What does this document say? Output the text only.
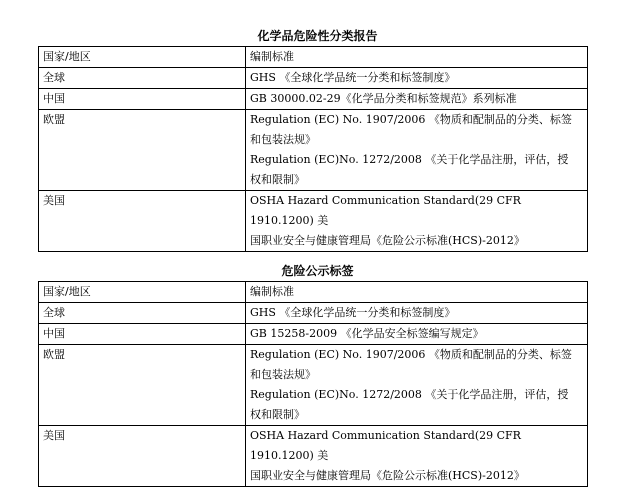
化学品危险性分类报告
国家/地区	编制标准
全球	GHS 《全球化学品统一分类和标签制度》

中国	GB 30000.02-29《化学品分类和标签规范》系列标准

欧盟	Regulation (EC) No. 1907/2006 《物质和配制品的分类、标签
和包装法规》
Regulation (EC)No. 1272/2008 《关于化学品注册，评估，授
权和限制》

美国	OSHA Hazard Communication Standard(29 CFR 1910.1200) 美
国职业安全与健康管理局《危险公示标准(HCS)-2012》
危险公示标签
国家/地区	编制标准
全球	GHS 《全球化学品统一分类和标签制度》

中国	GB 15258-2009 《化学品安全标签编写规定》

欧盟	Regulation (EC) No. 1907/2006 《物质和配制品的分类、标签
和包装法规》
Regulation (EC)No. 1272/2008 《关于化学品注册，评估，授
权和限制》

美国	OSHA Hazard Communication Standard(29 CFR 1910.1200) 美
国职业安全与健康管理局《危险公示标准(HCS)-2012》
